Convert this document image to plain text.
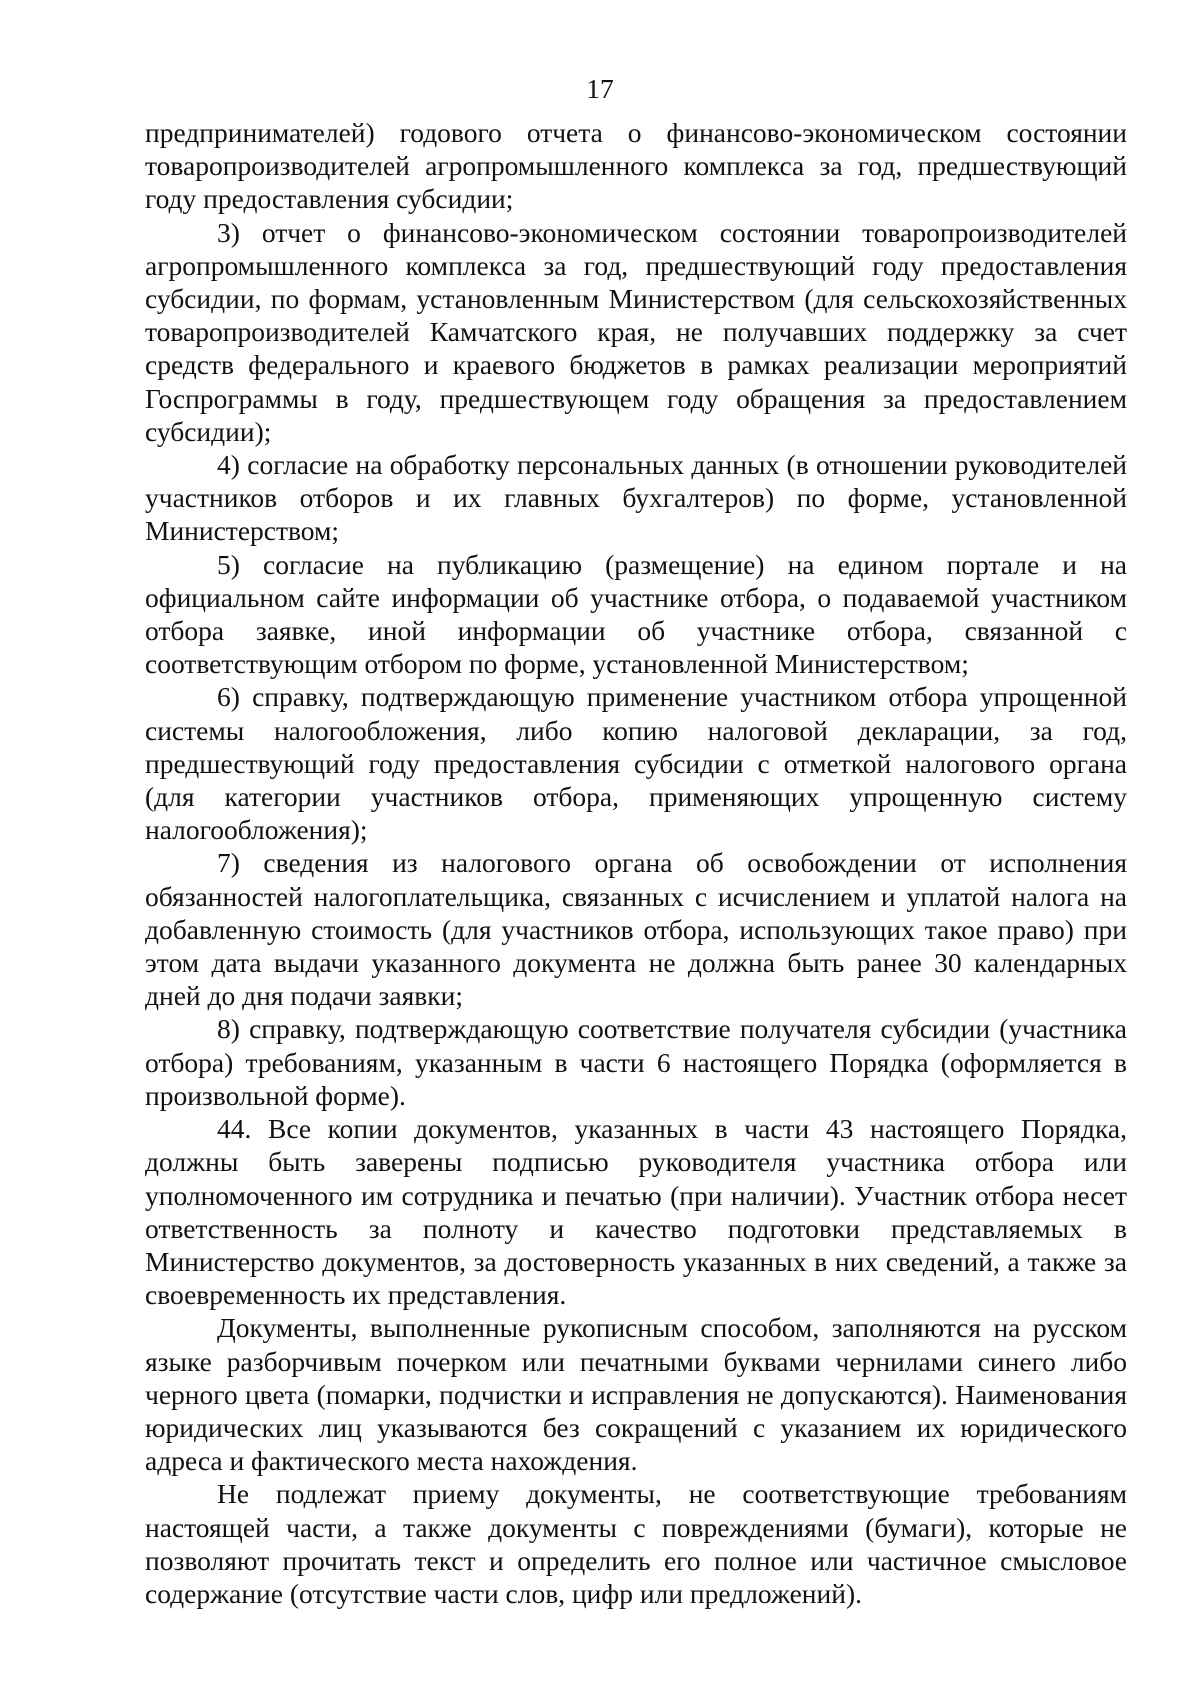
17

предпринимателей) годового отчета о финансово-экономическом состоянии товаропроизводителей агропромышленного комплекса за год, предшествующий году предоставления субсидии;

3) отчет о финансово-экономическом состоянии товаропроизводителей агропромышленного комплекса за год, предшествующий году предоставления субсидии, по формам, установленным Министерством (для сельскохозяйственных товаропроизводителей Камчатского края, не получавших поддержку за счет средств федерального и краевого бюджетов в рамках реализации мероприятий Госпрограммы в году, предшествующем году обращения за предоставлением субсидии);

4) согласие на обработку персональных данных (в отношении руководителей участников отборов и их главных бухгалтеров) по форме, установленной Министерством;

5) согласие на публикацию (размещение) на едином портале и на официальном сайте информации об участнике отбора, о подаваемой участником отбора заявке, иной информации об участнике отбора, связанной с соответствующим отбором по форме, установленной Министерством;

6) справку, подтверждающую применение участником отбора упрощенной системы налогообложения, либо копию налоговой декларации, за год, предшествующий году предоставления субсидии с отметкой налогового органа (для категории участников отбора, применяющих упрощенную систему налогообложения);

7) сведения из налогового органа об освобождении от исполнения обязанностей налогоплательщика, связанных с исчислением и уплатой налога на добавленную стоимость (для участников отбора, использующих такое право) при этом дата выдачи указанного документа не должна быть ранее 30 календарных дней до дня подачи заявки;

8) справку, подтверждающую соответствие получателя субсидии (участника отбора) требованиям, указанным в части 6 настоящего Порядка (оформляется в произвольной форме).

44. Все копии документов, указанных в части 43 настоящего Порядка, должны быть заверены подписью руководителя участника отбора или уполномоченного им сотрудника и печатью (при наличии). Участник отбора несет ответственность за полноту и качество подготовки представляемых в Министерство документов, за достоверность указанных в них сведений, а также за своевременность их представления.

Документы, выполненные рукописным способом, заполняются на русском языке разборчивым почерком или печатными буквами чернилами синего либо черного цвета (помарки, подчистки и исправления не допускаются). Наименования юридических лиц указываются без сокращений с указанием их юридического адреса и фактического места нахождения.

Не подлежат приему документы, не соответствующие требованиям настоящей части, а также документы с повреждениями (бумаги), которые не позволяют прочитать текст и определить его полное или частичное смысловое содержание (отсутствие части слов, цифр или предложений).
